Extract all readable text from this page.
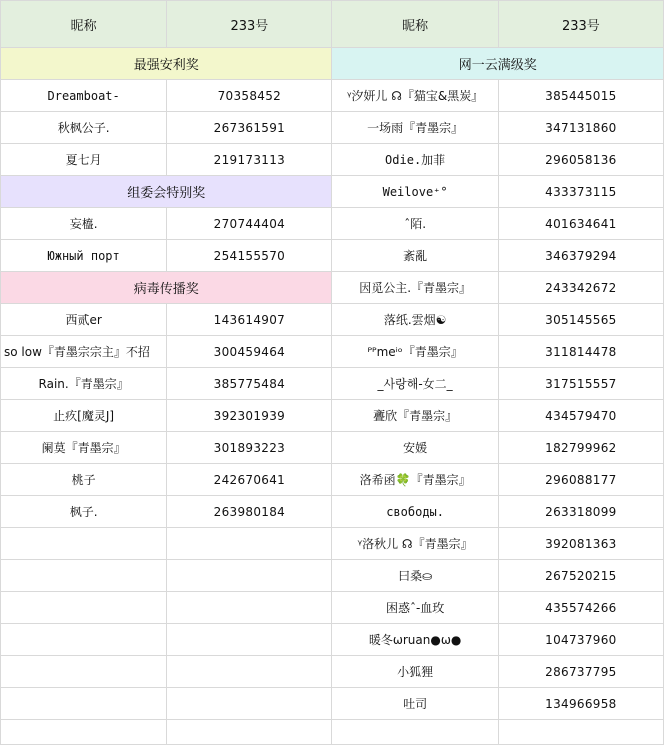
昵称	233号	昵称	233号
最强安利奖		网一云满级奖	
Dreamboat-	70358452	ᵞ汐妍儿 ☊『猫宝&黑炭』	385445015
秋枫公子.	267361591	一场雨『青墨宗』	347131860
夏七月	219173113	Odie.加菲	296058136
组委会特别奖		Weilove⁺°	433373115
妄橀.	270744404	ˆ陌.	401634641
Южный порт	254155570	紊亂	346379294
病毒传播奖		因觅公主.『青墨宗』	243342672
西贰er	143614907	落纸.雲烟☯	305145565
so low『青墨宗宗主』不招	300459464	ᴾᴾmeⁱᵒ『青墨宗』	311814478
Rain.『青墨宗』	385775484	_사랑해-女二_	317515557
止疚[魔灵J]	392301939	斖欣『青墨宗』	434579470
阑莫『青墨宗』	301893223	安媛	182799962
桃子	242670641	洛希函🍀『青墨宗』	296088177
枫子.	263980184	свободы.	263318099
		ᵞ洛秋儿 ☊『青墨宗』	392081363
		曰桑⛀	267520215
		困惑ˆ-血玫	435574266
		暖冬ωruan●ω●	104737960
		小狐狸	286737795
		吐司	134966958
